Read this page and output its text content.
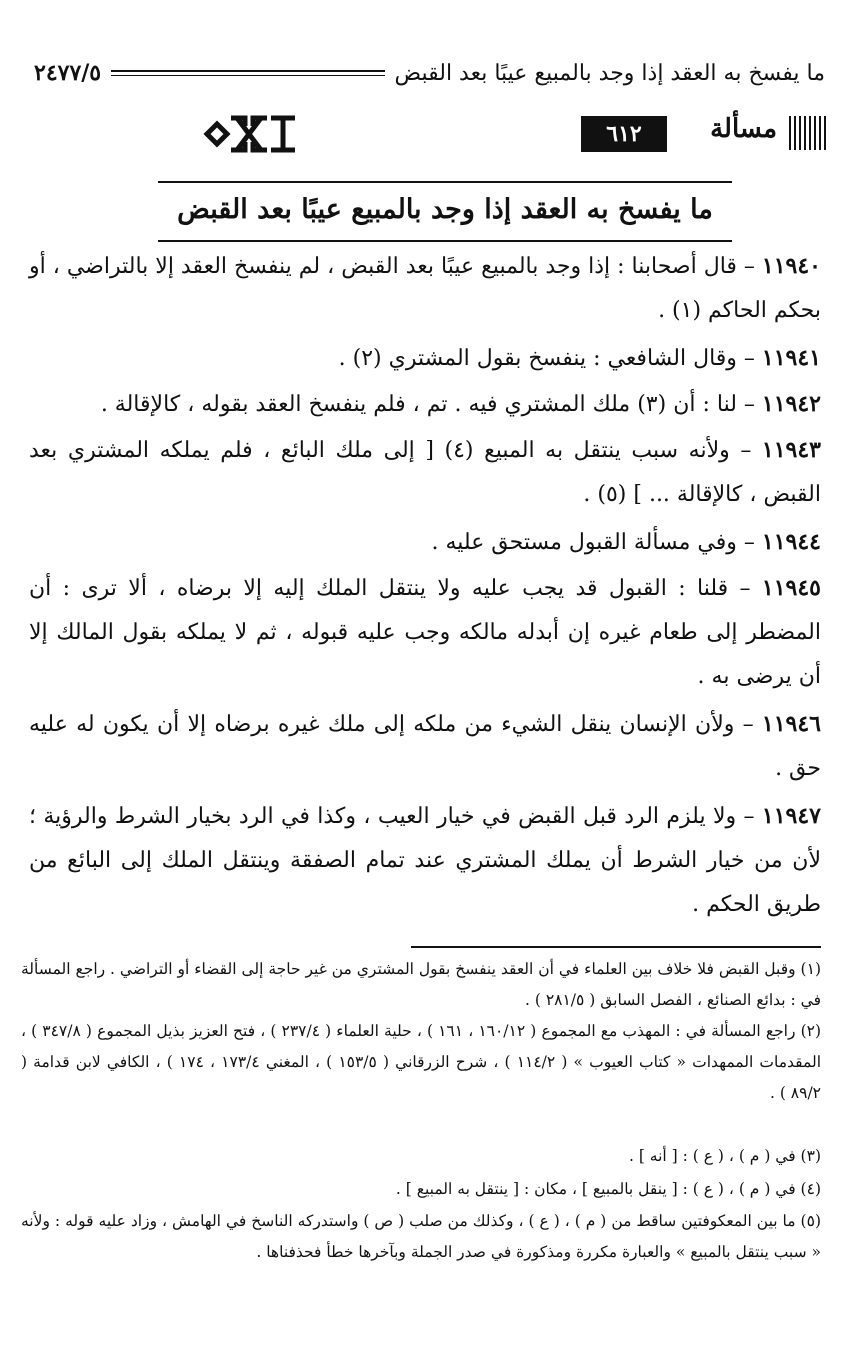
ما يفسخ به العقد إذا وجد بالمبيع عيبًا بعد القبض
٢٤٧٧/٥
مسألة
٦١٢
ما يفسخ به العقد إذا وجد بالمبيع عيبًا بعد القبض

١١٩٤٠ – قال أصحابنا : إذا وجد بالمبيع عيبًا بعد القبض ، لم ينفسخ العقد إلا بالتراضي ، أو بحكم الحاكم (١) .

١١٩٤١ – وقال الشافعي : ينفسخ بقول المشتري (٢) .

١١٩٤٢ – لنا : أن (٣) ملك المشتري فيه . تم ، فلم ينفسخ العقد بقوله ، كالإقالة .

١١٩٤٣ – ولأنه سبب ينتقل به المبيع (٤) [ إلى ملك البائع ، فلم يملكه المشتري بعد القبض ، كالإقالة ... ] (٥) .

١١٩٤٤ – وفي مسألة القبول مستحق عليه .

١١٩٤٥ – قلنا : القبول قد يجب عليه ولا ينتقل الملك إليه إلا برضاه ، ألا ترى : أن المضطر إلى طعام غيره إن أبدله مالكه وجب عليه قبوله ، ثم لا يملكه بقول المالك إلا أن يرضى به .

١١٩٤٦ – ولأن الإنسان ينقل الشيء من ملكه إلى ملك غيره برضاه إلا أن يكون له عليه حق .

١١٩٤٧ – ولا يلزم الرد قبل القبض في خيار العيب ، وكذا في الرد بخيار الشرط والرؤية ؛ لأن من خيار الشرط أن يملك المشتري عند تمام الصفقة وينتقل الملك إلى البائع من طريق الحكم .

(١) وقبل القبض فلا خلاف بين العلماء في أن العقد ينفسخ بقول المشتري من غير حاجة إلى القضاء أو التراضي . راجع المسألة في : بدائع الصنائع ، الفصل السابق ( ٢٨١/٥ ) .

(٢) راجع المسألة في : المهذب مع المجموع ( ١٦٠/١٢ ، ١٦١ ) ، حلية العلماء ( ٢٣٧/٤ ) ، فتح العزيز بذيل المجموع ( ٣٤٧/٨ ) ، المقدمات الممهدات « كتاب العيوب » ( ١١٤/٢ ) ، شرح الزرقاني ( ١٥٣/٥ ) ، المغني ١٧٣/٤ ، ١٧٤ ) ، الكافي لابن قدامة ( ٨٩/٢ ) .

(٣) في ( م ) ، ( ع ) : [ أنه ] .

(٤) في ( م ) ، ( ع ) : [ ينقل بالمبيع ] ، مكان : [ ينتقل به المبيع ] .

(٥) ما بين المعكوفتين ساقط من ( م ) ، ( ع ) ، وكذلك من صلب ( ص ) واستدركه الناسخ في الهامش ، وزاد عليه قوله : ولأنه « سبب ينتقل بالمبيع » والعبارة مكررة ومذكورة في صدر الجملة وبآخرها خطأ فحذفناها .
